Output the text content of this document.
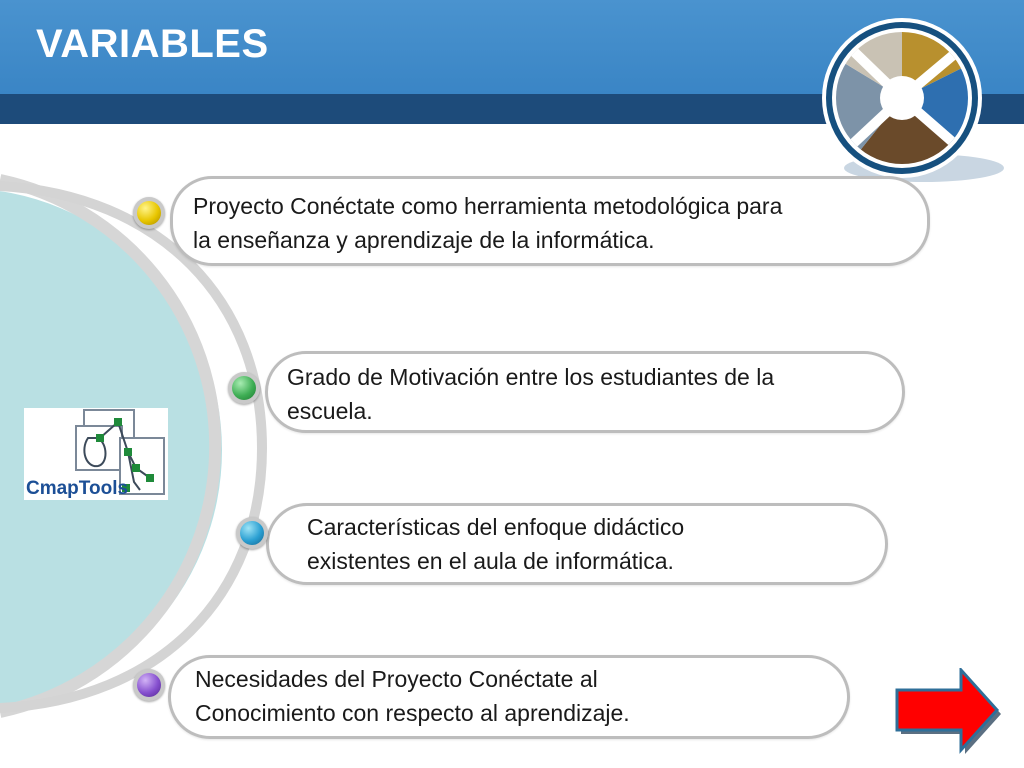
VARIABLES
CmapTools

Proyecto Conéctate como herramienta metodológica para
la enseñanza y aprendizaje de la informática.

Grado de Motivación entre los estudiantes de la
escuela.

Características del enfoque didáctico
existentes en el aula de informática.

Necesidades del Proyecto Conéctate al
Conocimiento con respecto al aprendizaje.
